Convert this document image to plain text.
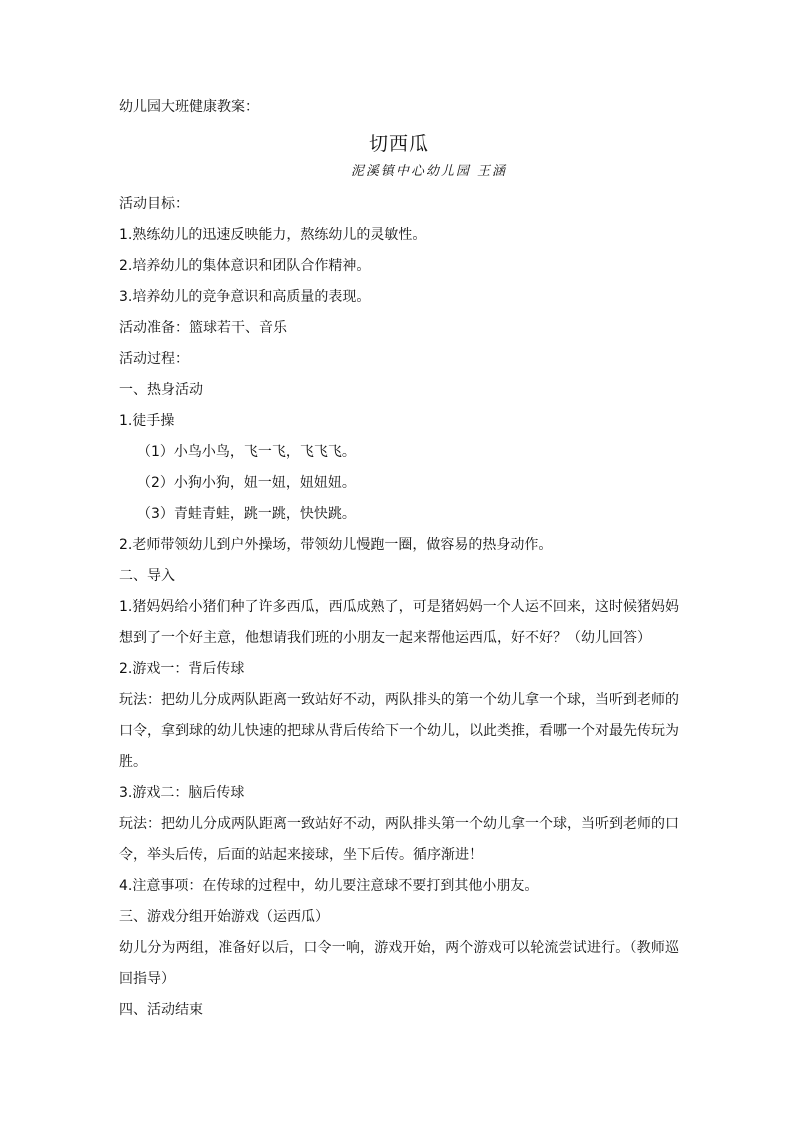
幼儿园大班健康教案：
切西瓜
泥溪镇中心幼儿园 王涵
活动目标：
1.熟练幼儿的迅速反映能力，熬练幼儿的灵敏性。
2.培养幼儿的集体意识和团队合作精神。
3.培养幼儿的竞争意识和高质量的表现。
活动准备：篮球若干、音乐
活动过程：
一、热身活动
1.徒手操
（1）小鸟小鸟，飞一飞，飞飞飞。
（2）小狗小狗，妞一妞，妞妞妞。
（3）青蛙青蛙，跳一跳，快快跳。
2.老师带领幼儿到户外操场，带领幼儿慢跑一圈，做容易的热身动作。
二、导入
1.猪妈妈给小猪们种了许多西瓜，西瓜成熟了，可是猪妈妈一个人运不回来，这时候猪妈妈想到了一个好主意，他想请我们班的小朋友一起来帮他运西瓜，好不好？（幼儿回答）
2.游戏一：背后传球
玩法：把幼儿分成两队距离一致站好不动，两队排头的第一个幼儿拿一个球，当听到老师的口令，拿到球的幼儿快速的把球从背后传给下一个幼儿，以此类推，看哪一个对最先传玩为胜。
3.游戏二：脑后传球
玩法：把幼儿分成两队距离一致站好不动，两队排头第一个幼儿拿一个球，当听到老师的口令，举头后传，后面的站起来接球，坐下后传。循序渐进！
4.注意事项：在传球的过程中，幼儿要注意球不要打到其他小朋友。
三、游戏分组开始游戏（运西瓜）
幼儿分为两组，准备好以后，口令一响，游戏开始，两个游戏可以轮流尝试进行。（教师巡回指导）
四、活动结束
